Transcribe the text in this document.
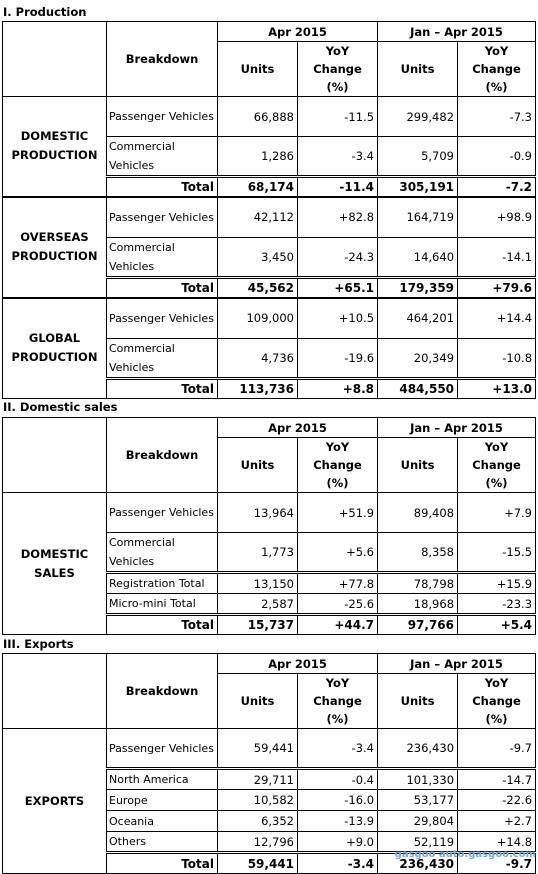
I. Production
	Breakdown	Apr 2015		Jan – Apr 2015	
		Units	YoY Change (%)	Units	YoY Change (%)
DOMESTIC PRODUCTION	Passenger Vehicles	66,888	-11.5	299,482	-7.3
	Commercial Vehicles	1,286	-3.4	5,709	-0.9
	Total	68,174	-11.4	305,191	-7.2
OVERSEAS PRODUCTION	Passenger Vehicles	42,112	+82.8	164,719	+98.9
	Commercial Vehicles	3,450	-24.3	14,640	-14.1
	Total	45,562	+65.1	179,359	+79.6
GLOBAL PRODUCTION	Passenger Vehicles	109,000	+10.5	464,201	+14.4
	Commercial Vehicles	4,736	-19.6	20,349	-10.8
	Total	113,736	+8.8	484,550	+13.0
II. Domestic sales
	Breakdown	Apr 2015		Jan – Apr 2015	
		Units	YoY Change (%)	Units	YoY Change (%)
DOMESTIC SALES	Passenger Vehicles	13,964	+51.9	89,408	+7.9
	Commercial Vehicles	1,773	+5.6	8,358	-15.5
	Registration Total	13,150	+77.8	78,798	+15.9
	Micro-mini Total	2,587	-25.6	18,968	-23.3
	Total	15,737	+44.7	97,766	+5.4
III. Exports
	Breakdown	Apr 2015		Jan – Apr 2015	
		Units	YoY Change (%)	Units	YoY Change (%)
EXPORTS	Passenger Vehicles	59,441	-3.4	236,430	-9.7
	North America	29,711	-0.4	101,330	-14.7
	Europe	10,582	-16.0	53,177	-22.6
	Oceania	6,352	-13.9	29,804	+2.7
	Others	12,796	+9.0	52,119	+14.8
	Total	59,441	-3.4	236,430	-9.7
gasgoo auto.gasgoo.com
